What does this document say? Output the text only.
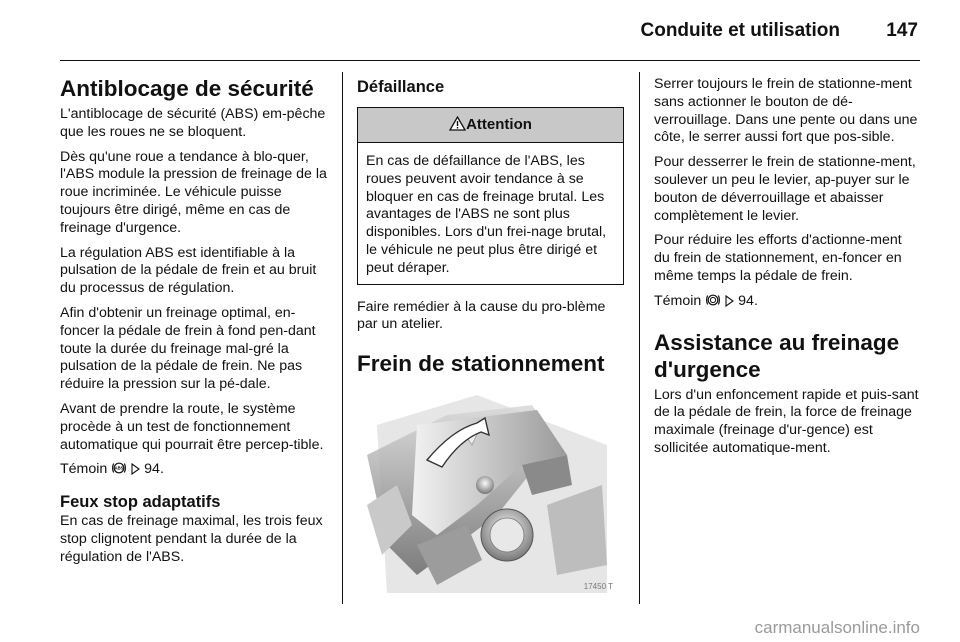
Conduite et utilisation 147
Antiblocage de sécurité

L'antiblocage de sécurité (ABS) em-pêche que les roues ne se bloquent.

Dès qu'une roue a tendance à blo-quer, l'ABS module la pression de freinage de la roue incriminée. Le véhicule puisse toujours être dirigé, même en cas de freinage d'urgence.

La régulation ABS est identifiable à la pulsation de la pédale de frein et au bruit du processus de régulation.

Afin d'obtenir un freinage optimal, en-foncer la pédale de frein à fond pen-dant toute la durée du freinage mal-gré la pulsation de la pédale de frein. Ne pas réduire la pression sur la pé-dale.

Avant de prendre la route, le système procède à un test de fonctionnement automatique qui pourrait être percep-tible.

Témoin ABS 94.

Feux stop adaptatifs

En cas de freinage maximal, les trois feux stop clignotent pendant la durée de la régulation de l'ABS.

Défaillance
Attention

En cas de défaillance de l'ABS, les roues peuvent avoir tendance à se bloquer en cas de freinage brutal. Les avantages de l'ABS ne sont plus disponibles. Lors d'un frei-nage brutal, le véhicule ne peut plus être dirigé et peut déraper.

Faire remédier à la cause du pro-blème par un atelier.

Frein de stationnement
17450 T

Serrer toujours le frein de stationne-ment sans actionner le bouton de dé-verrouillage. Dans une pente ou dans une côte, le serrer aussi fort que pos-sible.

Pour desserrer le frein de stationne-ment, soulever un peu le levier, ap-puyer sur le bouton de déverrouillage et abaisser complètement le levier.

Pour réduire les efforts d'actionne-ment du frein de stationnement, en-foncer en même temps la pédale de frein.

Témoin	94.

Assistance au freinage d'urgence

Lors d'un enfoncement rapide et puis-sant de la pédale de frein, la force de freinage maximale (freinage d'ur-gence) est sollicitée automatique-ment.

carmanualsonline.info
